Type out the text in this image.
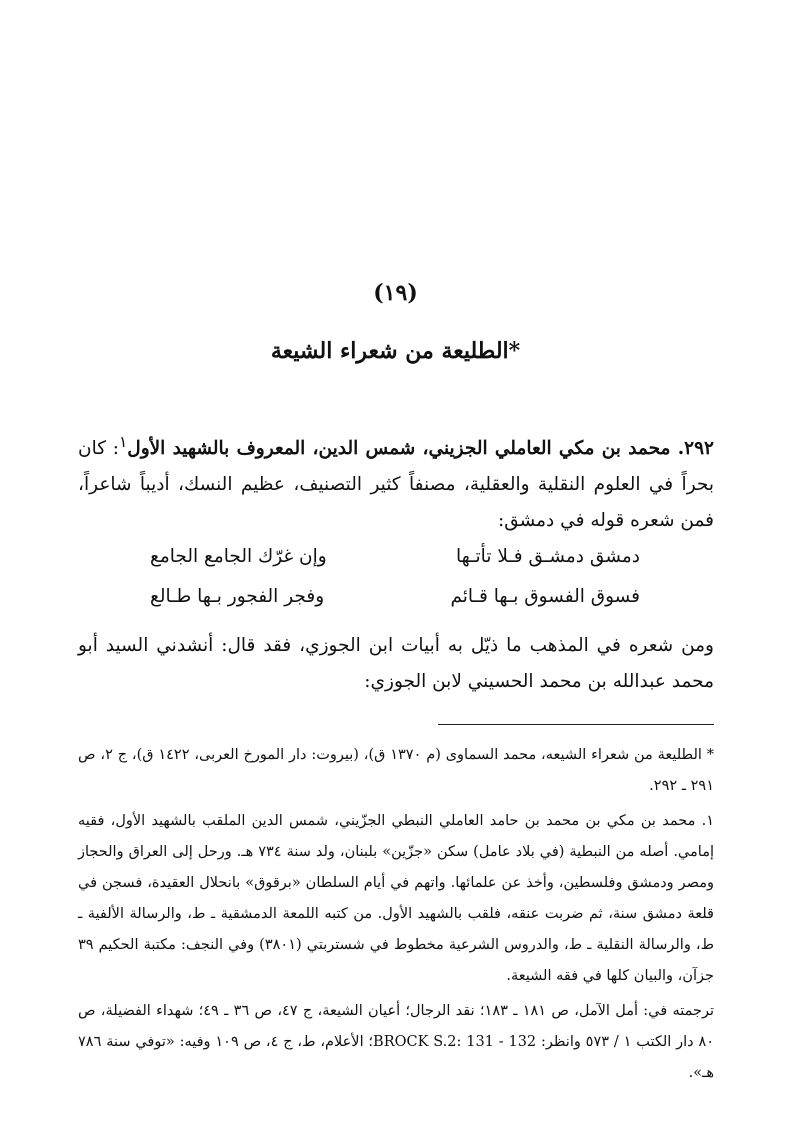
(١٩)
الطليعة من شعراء الشيعة*
٢٩٢. محمد بن مكي العاملي الجزيني، شمس الدين، المعروف بالشهيد الأول$^١$: كان بحراً في العلوم النقلية والعقلية، مصنفاً كثير التصنيف، عظيم النسك، أديباً شاعراً، فمن شعره قوله في دمشق:
دمشق دمشـق فـلا تأتـها
وإن غرّك الجامع الجامع
فسوق الفسوق بـها قـائم
وفجر الفجور بـها طـالع
ومن شعره في المذهب ما ذيّل به أبيات ابن الجوزي، فقد قال: أنشدني السيد أبو محمد عبدالله بن محمد الحسيني لابن الجوزي:

* الطليعة من شعراء الشيعه، محمد السماوى (م ١٣٧٠ ق)، (بيروت: دار المورخ العربى، ١٤٢٢ ق)، ج ٢، ص ٢٩١ ـ ٢٩٢.

١. محمد بن مكي بن محمد بن حامد العاملي النبطي الجزّيني، شمس الدين الملقب بالشهيد الأول، فقيه إمامي. أصله من النبطية (في بلاد عامل) سكن «جزّين» بلبنان، ولد سنة ٧٣٤ هـ. ورحل إلى العراق والحجاز ومصر ودمشق وفلسطين، وأخذ عن علمائها. واتهم في أيام السلطان «برقوق» بانحلال العقيدة، فسجن في قلعة دمشق سنة، ثم ضربت عنقه، فلقب بالشهيد الأول. من كتبه اللمعة الدمشقية ـ ط، والرسالة الألفية ـ ط، والرسالة النقلية ـ ط، والدروس الشرعية مخطوط في شستربتي (٣٨٠١) وفي النجف: مكتبة الحكيم ٣٩ جزآن، والبيان كلها في فقه الشيعة.

ترجمته في: أمل الآمل، ص ١٨١ ـ ١٨٣؛ نقد الرجال؛ أعيان الشيعة، ج ٤٧، ص ٣٦ ـ ٤٩؛ شهداء الفضيلة، ص ٨٠ دار الكتب ١ / ٥٧٣ وانظر: 132 - 131 :BROCK S.2؛ الأعلام، ط، ج ٤، ص ١٠٩ وفيه: «توفي سنة ٧٨٦ هـ».
